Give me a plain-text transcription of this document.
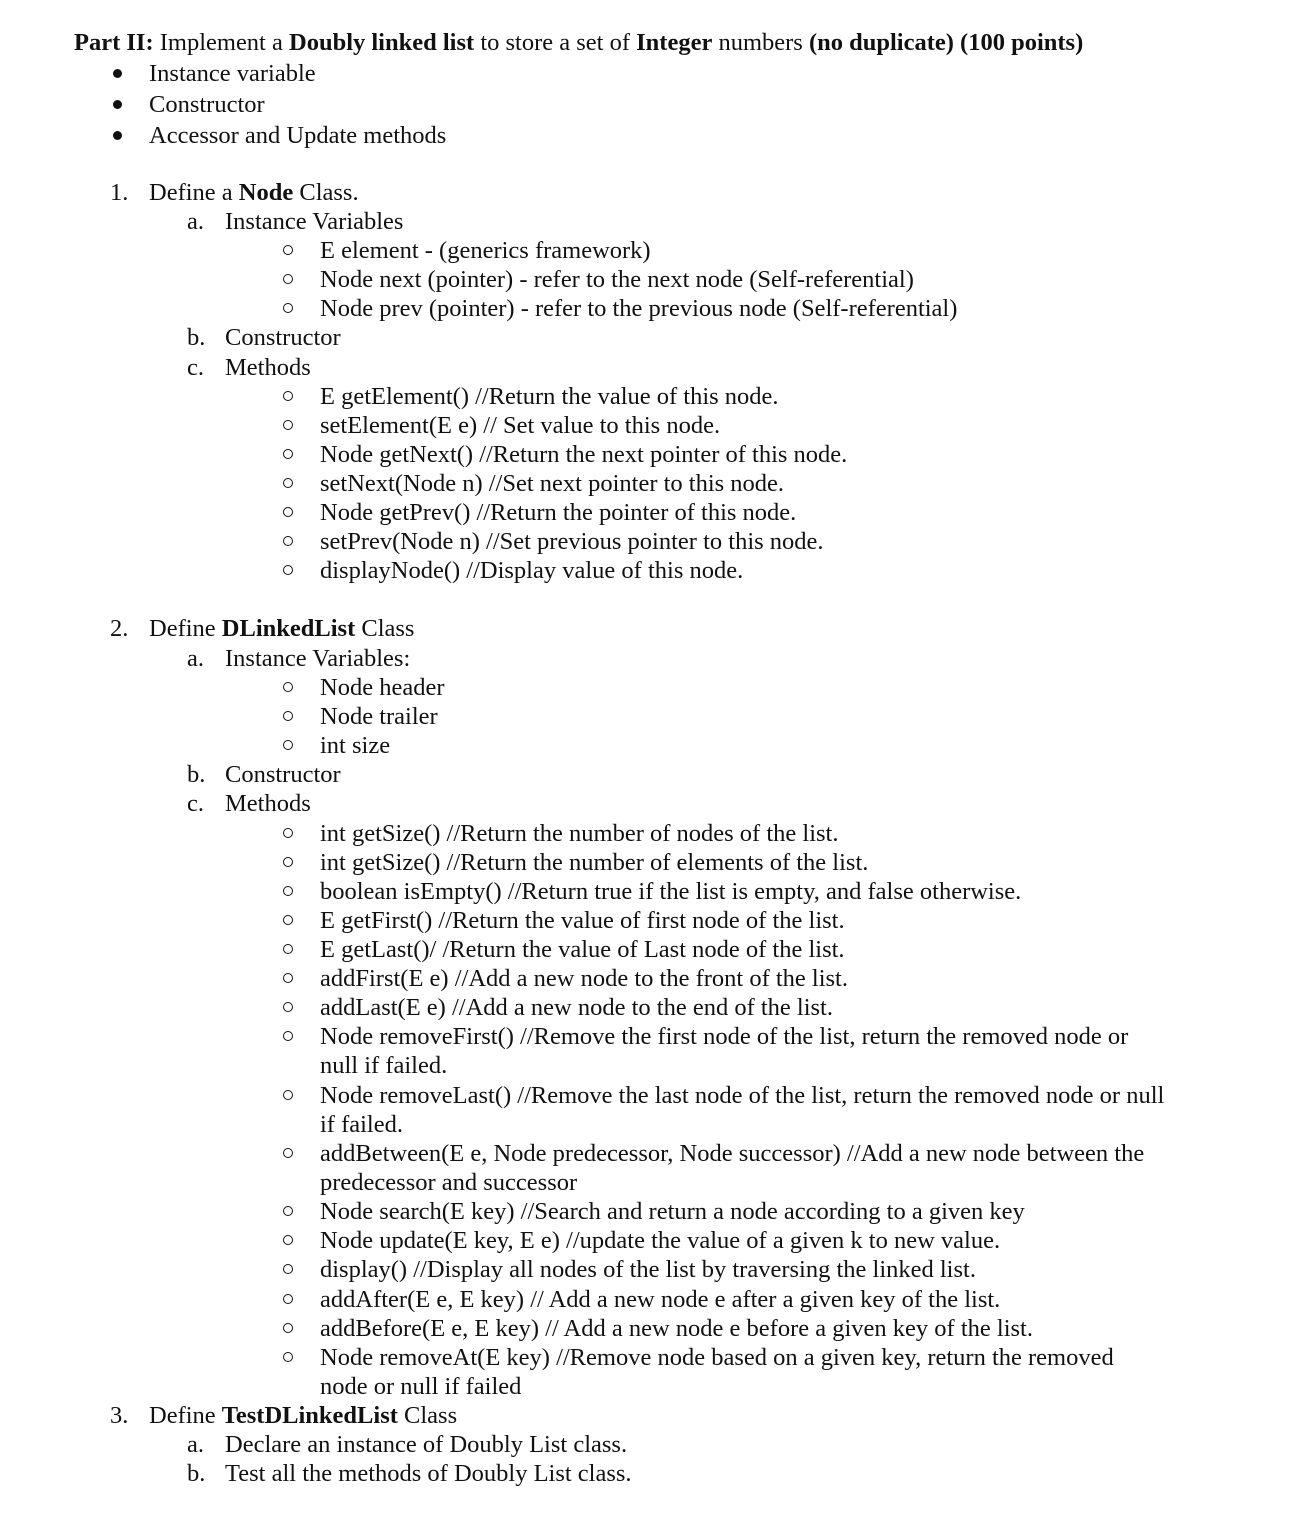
Part II: Implement a Doubly linked list to store a set of Integer numbers (no duplicate) (100 points)
Instance variable
Constructor
Accessor and Update methods
1. Define a Node Class.
a. Instance Variables
E element - (generics framework)
Node next (pointer) - refer to the next node (Self-referential)
Node prev (pointer) - refer to the previous node (Self-referential)
b. Constructor
c. Methods
E getElement() //Return the value of this node.
setElement(E e) // Set value to this node.
Node getNext() //Return the next pointer of this node.
setNext(Node n) //Set next pointer to this node.
Node getPrev() //Return the pointer of this node.
setPrev(Node n) //Set previous pointer to this node.
displayNode() //Display value of this node.
2. Define DLinkedList Class
a. Instance Variables:
Node header
Node trailer
int size
b. Constructor
c. Methods
int getSize() //Return the number of nodes of the list.
int getSize() //Return the number of elements of the list.
boolean isEmpty() //Return true if the list is empty, and false otherwise.
E getFirst() //Return the value of first node of the list.
E getLast()/ /Return the value of Last node of the list.
addFirst(E e) //Add a new node to the front of the list.
addLast(E e) //Add a new node to the end of the list.
Node removeFirst() //Remove the first node of the list, return the removed node or
null if failed.
Node removeLast() //Remove the last node of the list, return the removed node or null
if failed.
addBetween(E e, Node predecessor, Node successor) //Add a new node between the
predecessor and successor
Node search(E key) //Search and return a node according to a given key
Node update(E key, E e) //update the value of a given k to new value.
display() //Display all nodes of the list by traversing the linked list.
addAfter(E e, E key) // Add a new node e after a given key of the list.
addBefore(E e, E key) // Add a new node e before a given key of the list.
Node removeAt(E key) //Remove node based on a given key, return the removed
node or null if failed
3. Define TestDLinkedList Class
a. Declare an instance of Doubly List class.
b. Test all the methods of Doubly List class.
